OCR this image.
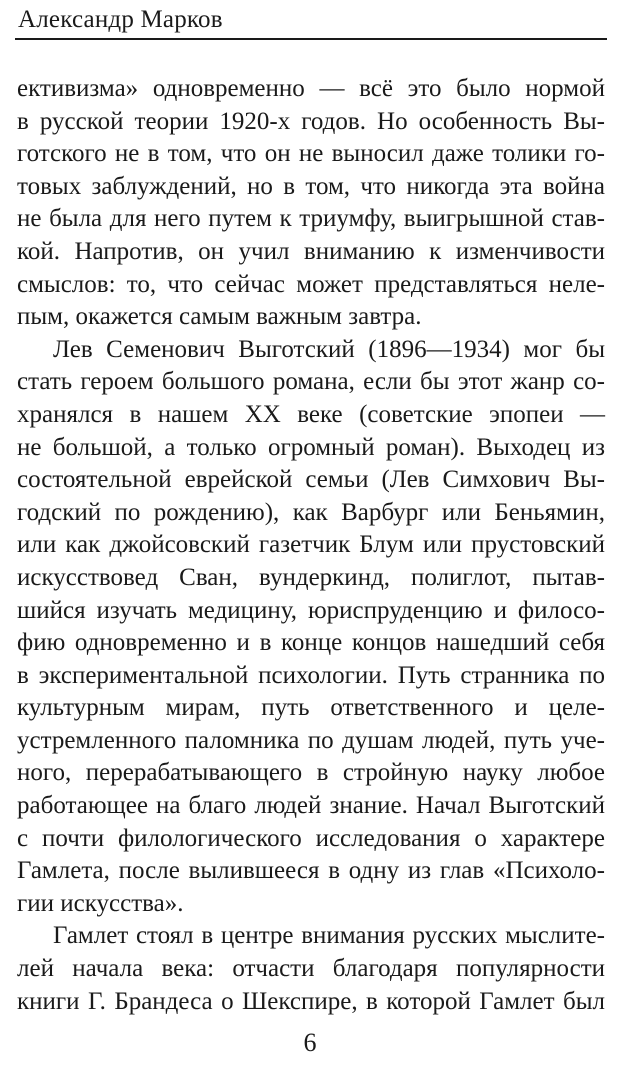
Александр Марков
ективизма» одновременно — всё это было нормой
в русской теории 1920-х годов. Но особенность Вы-
готского не в том, что он не выносил даже толики го-
товых заблуждений, но в том, что никогда эта война
не была для него путем к триумфу, выигрышной став-
кой. Напротив, он учил вниманию к изменчивости
смыслов: то, что сейчас может представляться неле-
пым, окажется самым важным завтра.
Лев Семенович Выготский (1896—1934) мог бы
стать героем большого романа, если бы этот жанр со-
хранялся в нашем XX веке (советские эпопеи —
не большой, а только огромный роман). Выходец из
состоятельной еврейской семьи (Лев Симхович Вы-
годский по рождению), как Варбург или Беньямин,
или как джойсовский газетчик Блум или прустовский
искусствовед Сван, вундеркинд, полиглот, пытав-
шийся изучать медицину, юриспруденцию и филосо-
фию одновременно и в конце концов нашедший себя
в экспериментальной психологии. Путь странника по
культурным мирам, путь ответственного и целе-
устремленного паломника по душам людей, путь уче-
ного, перерабатывающего в стройную науку любое
работающее на благо людей знание. Начал Выготский
с почти филологического исследования о характере
Гамлета, после вылившееся в одну из глав «Психоло-
гии искусства».
Гамлет стоял в центре внимания русских мыслите-
лей начала века: отчасти благодаря популярности
книги Г. Брандеса о Шекспире, в которой Гамлет был
6
